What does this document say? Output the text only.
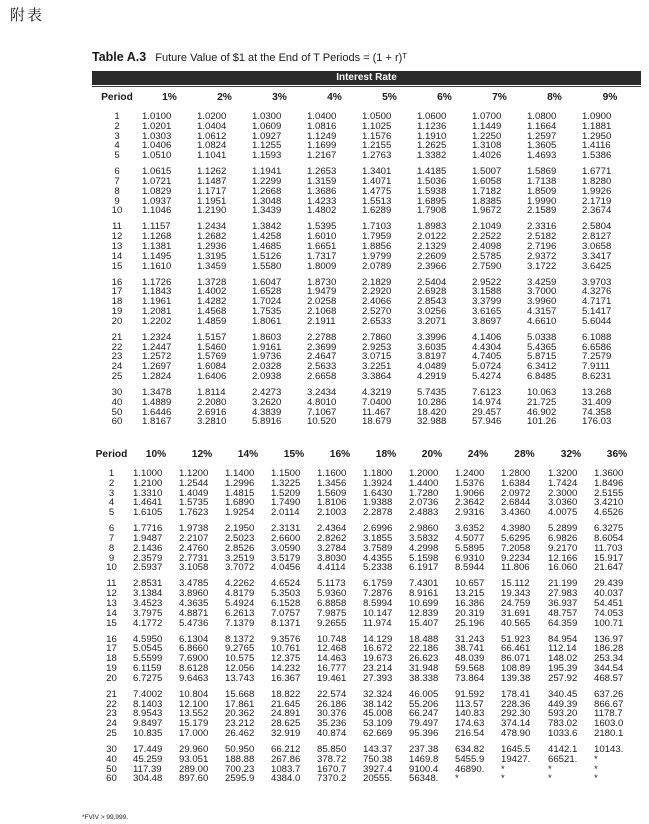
附表
Table A.3 Future Value of $1 at the End of T Periods = (1 + r)ᵀ
Interest Rate
Period	1%	2%	3%	4%	5%	6%	7%	8%	9%
1	1.0100	1.0200	1.0300	1.0400	1.0500	1.0600	1.0700	1.0800	1.0900
2	1.0201	1.0404	1.0609	1.0816	1.1025	1.1236	1.1449	1.1664	1.1881
3	1.0303	1.0612	1.0927	1.1249	1.1576	1.1910	1.2250	1.2597	1.2950
4	1.0406	1.0824	1.1255	1.1699	1.2155	1.2625	1.3108	1.3605	1.4116
5	1.0510	1.1041	1.1593	1.2167	1.2763	1.3382	1.4026	1.4693	1.5386
6	1.0615	1.1262	1.1941	1.2653	1.3401	1.4185	1.5007	1.5869	1.6771
7	1.0721	1.1487	1.2299	1.3159	1.4071	1.5036	1.6058	1.7138	1.8280
8	1.0829	1.1717	1.2668	1.3686	1.4775	1.5938	1.7182	1.8509	1.9926
9	1.0937	1.1951	1.3048	1.4233	1.5513	1.6895	1.8385	1.9990	2.1719
10	1.1046	1.2190	1.3439	1.4802	1.6289	1.7908	1.9672	2.1589	2.3674
11	1.1157	1.2434	1.3842	1.5395	1.7103	1.8983	2.1049	2.3316	2.5804
12	1.1268	1.2682	1.4258	1.6010	1.7959	2.0122	2.2522	2.5182	2.8127
13	1.1381	1.2936	1.4685	1.6651	1.8856	2.1329	2.4098	2.7196	3.0658
14	1.1495	1.3195	1.5126	1.7317	1.9799	2.2609	2.5785	2.9372	3.3417
15	1.1610	1.3459	1.5580	1.8009	2.0789	2.3966	2.7590	3.1722	3.6425
16	1.1726	1.3728	1.6047	1.8730	2.1829	2.5404	2.9522	3.4259	3.9703
17	1.1843	1.4002	1.6528	1.9479	2.2920	2.6928	3.1588	3.7000	4.3276
18	1.1961	1.4282	1.7024	2.0258	2.4066	2.8543	3.3799	3.9960	4.7171
19	1.2081	1.4568	1.7535	2.1068	2.5270	3.0256	3.6165	4.3157	5.1417
20	1.2202	1.4859	1.8061	2.1911	2.6533	3.2071	3.8697	4.6610	5.6044
21	1.2324	1.5157	1.8603	2.2788	2.7860	3.3996	4.1406	5.0338	6.1088
22	1.2447	1.5460	1.9161	2.3699	2.9253	3.6035	4.4304	5.4365	6.6586
23	1.2572	1.5769	1.9736	2.4647	3.0715	3.8197	4.7405	5.8715	7.2579
24	1.2697	1.6084	2.0328	2.5633	3.2251	4.0489	5.0724	6.3412	7.9111
25	1.2824	1.6406	2.0938	2.6658	3.3864	4.2919	5.4274	6.8485	8.6231
30	1.3478	1.8114	2.4273	3.2434	4.3219	5.7435	7.6123	10.063	13.268
40	1.4889	2.2080	3.2620	4.8010	7.0400	10.286	14.974	21.725	31.409
50	1.6446	2.6916	4.3839	7.1067	11.467	18.420	29.457	46.902	74.358
60	1.8167	3.2810	5.8916	10.520	18.679	32.988	57.946	101.26	176.03
Period	10%	12%	14%	15%	16%	18%	20%	24%	28%	32%	36%
1	1.1000	1.1200	1.1400	1.1500	1.1600	1.1800	1.2000	1.2400	1.2800	1.3200	1.3600
2	1.2100	1.2544	1.2996	1.3225	1.3456	1.3924	1.4400	1.5376	1.6384	1.7424	1.8496
3	1.3310	1.4049	1.4815	1.5209	1.5609	1.6430	1.7280	1.9066	2.0972	2.3000	2.5155
4	1.4641	1.5735	1.6890	1.7490	1.8106	1.9388	2.0736	2.3642	2.6844	3.0360	3.4210
5	1.6105	1.7623	1.9254	2.0114	2.1003	2.2878	2.4883	2.9316	3.4360	4.0075	4.6526
6	1.7716	1.9738	2.1950	2.3131	2.4364	2.6996	2.9860	3.6352	4.3980	5.2899	6.3275
7	1.9487	2.2107	2.5023	2.6600	2.8262	3.1855	3.5832	4.5077	5.6295	6.9826	8.6054
8	2.1436	2.4760	2.8526	3.0590	3.2784	3.7589	4.2998	5.5895	7.2058	9.2170	11.703
9	2.3579	2.7731	3.2519	3.5179	3.8030	4.4355	5.1598	6.9310	9.2234	12.166	15.917
10	2.5937	3.1058	3.7072	4.0456	4.4114	5.2338	6.1917	8.5944	11.806	16.060	21.647
11	2.8531	3.4785	4.2262	4.6524	5.1173	6.1759	7.4301	10.657	15.112	21.199	29.439
12	3.1384	3.8960	4.8179	5.3503	5.9360	7.2876	8.9161	13.215	19.343	27.983	40.037
13	3.4523	4.3635	5.4924	6.1528	6.8858	8.5994	10.699	16.386	24.759	36.937	54.451
14	3.7975	4.8871	6.2613	7.0757	7.9875	10.147	12.839	20.319	31.691	48.757	74.053
15	4.1772	5.4736	7.1379	8.1371	9.2655	11.974	15.407	25.196	40.565	64.359	100.71
16	4.5950	6.1304	8.1372	9.3576	10.748	14.129	18.488	31.243	51.923	84.954	136.97
17	5.0545	6.8660	9.2765	10.761	12.468	16.672	22.186	38.741	66.461	112.14	186.28
18	5.5599	7.6900	10.575	12.375	14.463	19.673	26.623	48.039	86.071	148.02	253.34
19	6.1159	8.6128	12.056	14.232	16.777	23.214	31.948	59.568	108.89	195.39	344.54
20	6.7275	9.6463	13.743	16.367	19.461	27.393	38.338	73.864	139.38	257.92	468.57
21	7.4002	10.804	15.668	18.822	22.574	32.324	46.005	91.592	178.41	340.45	637.26
22	8.1403	12.100	17.861	21.645	26.186	38.142	55.206	113.57	228.36	449.39	866.67
23	8.9543	13.552	20.362	24.891	30.376	45.008	66.247	140.83	292.30	593.20	1178.7
24	9.8497	15.179	23.212	28.625	35.236	53.109	79.497	174.63	374.14	783.02	1603.0
25	10.835	17.000	26.462	32.919	40.874	62.669	95.396	216.54	478.90	1033.6	2180.1
30	17.449	29.960	50.950	66.212	85.850	143.37	237.38	634.82	1645.5	4142.1	10143.
40	45.259	93.051	188.88	267.86	378.72	750.38	1469.8	5455.9	19427.	66521.	*
50	117.39	289.00	700.23	1083.7	1670.7	3927.4	9100.4	46890.	*	*	*
60	304.48	897.60	2595.9	4384.0	7370.2	20555.	56348.	*	*	*	*
*FVIV > 99,999.
